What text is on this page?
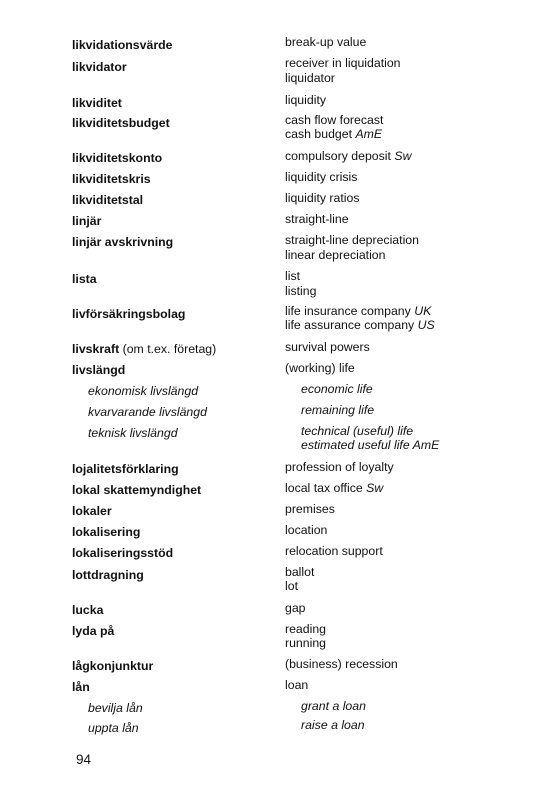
likvidationsvärde	break-up value
likvidator	receiver in liquidation
liquidator
likviditet	liquidity
likviditetsbudget	cash flow forecast
cash budget AmE
likviditetskonto	compulsory deposit Sw
likviditetskris	liquidity crisis
likviditetstal	liquidity ratios
linjär	straight-line
linjär avskrivning	straight-line depreciation
linear depreciation
lista	list
listing
livförsäkringsbolag	life insurance company UK
life assurance company US
livskraft (om t.ex. företag)	survival powers
livslängd	(working) life
ekonomisk livslängd	economic life
kvarvarande livslängd	remaining life
teknisk livslängd	technical (useful) life
estimated useful life AmE
lojalitetsförklaring	profession of loyalty
lokal skattemyndighet	local tax office Sw
lokaler	premises
lokalisering	location
lokaliseringsstöd	relocation support
lottdragning	ballot
lot
lucka	gap
lyda på	reading
running
lågkonjunktur	(business) recession
lån	loan
bevilja lån	grant a loan
uppta lån	raise a loan
94
